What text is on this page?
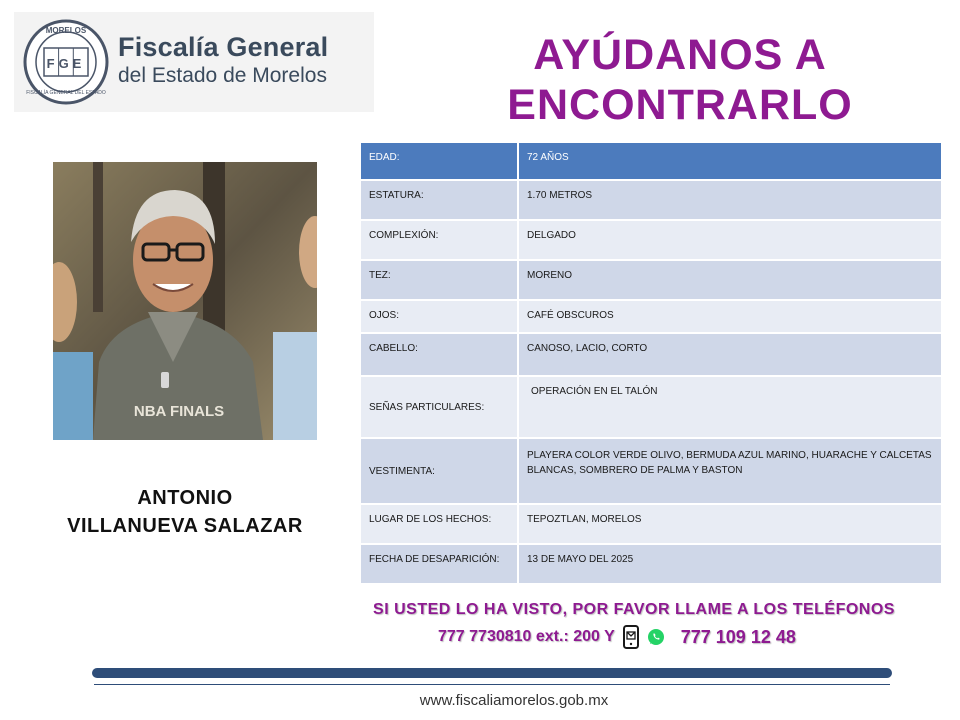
MORELOS
FGE
FISCALÍA GENERAL DEL ESTADO
Fiscalía General
del Estado de Morelos	AYÚDANOS A
ENCONTRARLO
NBA FINALS
ANTONIO
VILLANUEVA SALAZAR
EDAD:	72 AÑOS
ESTATURA:	1.70 METROS
COMPLEXIÓN:	DELGADO
TEZ:	MORENO
OJOS:	CAFÉ OBSCUROS
CABELLO:	CANOSO, LACIO, CORTO
SEÑAS PARTICULARES:	OPERACIÓN EN EL TALÓN
VESTIMENTA:	PLAYERA COLOR VERDE OLIVO, BERMUDA AZUL MARINO, HUARACHE Y CALCETAS BLANCAS, SOMBRERO DE PALMA Y BASTON
LUGAR DE LOS HECHOS:	TEPOZTLAN, MORELOS
FECHA DE DESAPARICIÓN:	13 DE MAYO DEL 2025
SI USTED LO HA VISTO, POR FAVOR LLAME A LOS TELÉFONOS
777 7730810 ext.: 200 Y	777 109 12 48
www.fiscaliamorelos.gob.mx
